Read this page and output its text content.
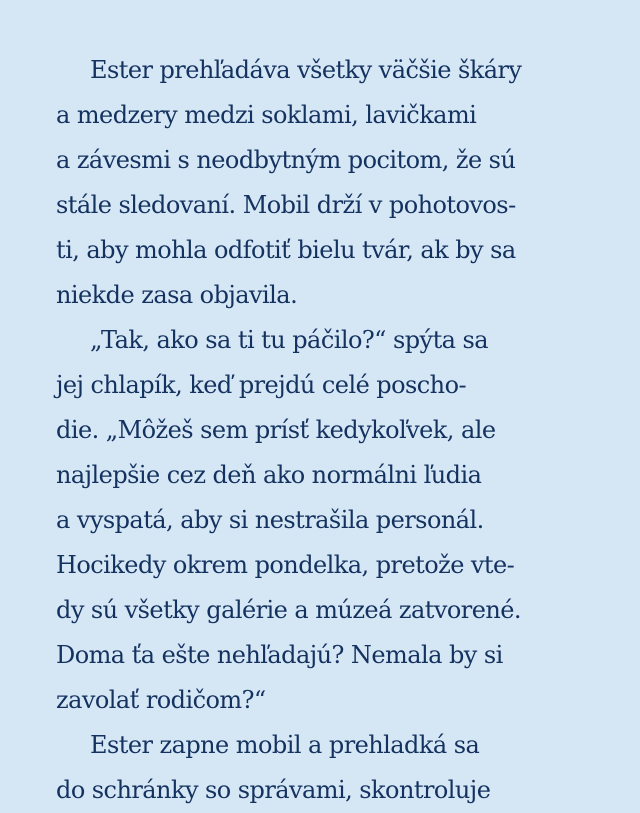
Ester prehľadáva všetky väčšie škáry
a medzery medzi soklami, lavičkami
a závesmi s neodbytným pocitom, že sú
stále sledovaní. Mobil drží v pohotovos-
ti, aby mohla odfotiť bielu tvár, ak by sa
niekde zasa objavila.
„Tak, ako sa ti tu páčilo?“ spýta sa
jej chlapík, keď prejdú celé poscho-
die. „Môžeš sem prísť kedykoľvek, ale
najlepšie cez deň ako normálni ľudia
a vyspatá, aby si nestrašila personál.
Hocikedy okrem pondelka, pretože vte-
dy sú všetky galérie a múzeá zatvorené.
Doma ťa ešte nehľadajú? Nemala by si
zavolať rodičom?“
Ester zapne mobil a prehladká sa
do schránky so správami, skontroluje
